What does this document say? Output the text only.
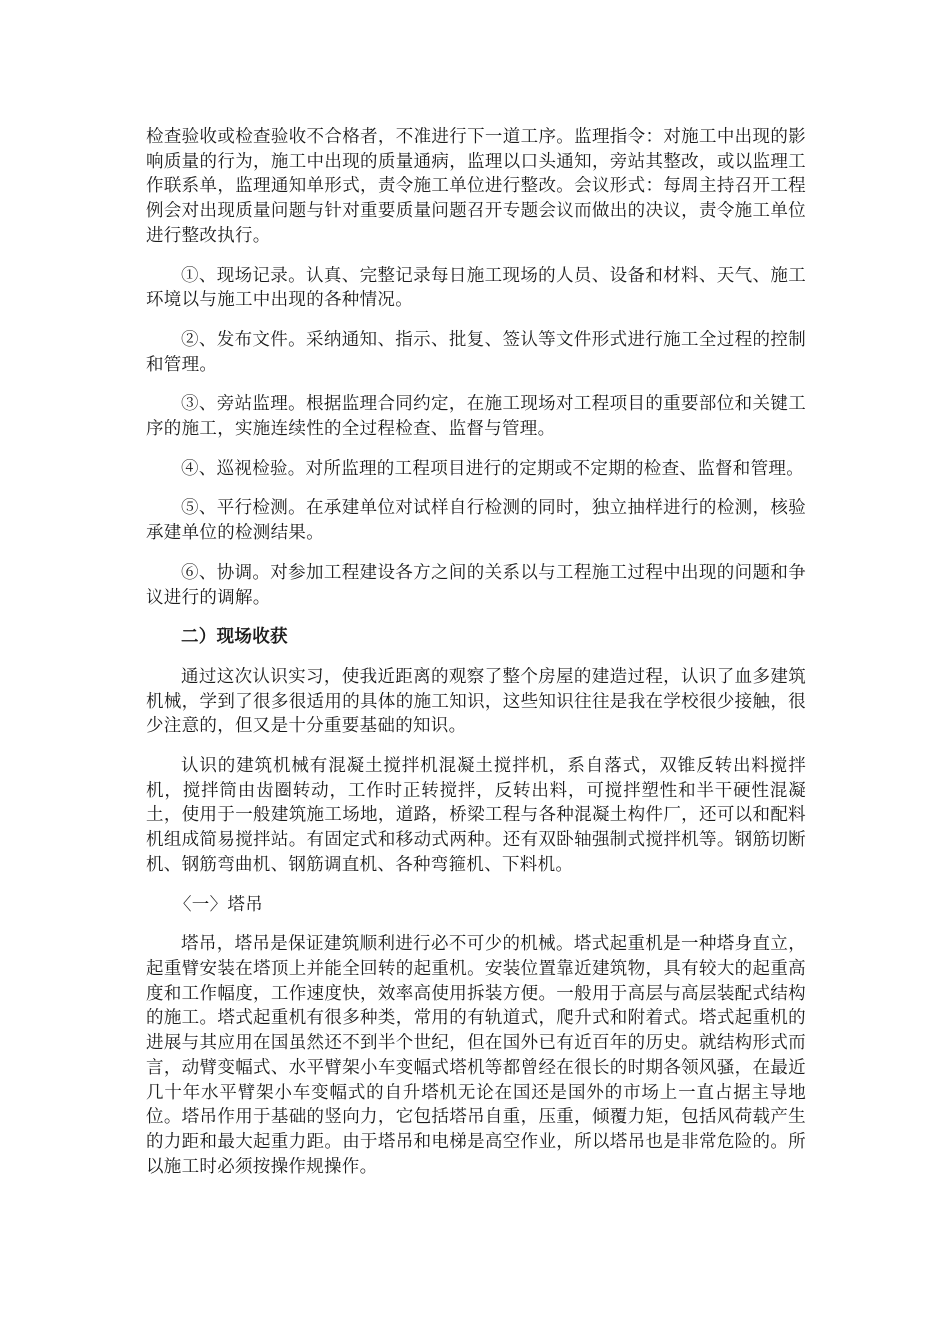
检查验收或检查验收不合格者，不准进行下一道工序。监理指令：对施工中出现的影响质量的行为，施工中出现的质量通病，监理以口头通知，旁站其整改，或以监理工作联系单，监理通知单形式，责令施工单位进行整改。会议形式：每周主持召开工程例会对出现质量问题与针对重要质量问题召开专题会议而做出的决议，责令施工单位进行整改执行。

①、现场记录。认真、完整记录每日施工现场的人员、设备和材料、天气、施工环境以与施工中出现的各种情况。

②、发布文件。采纳通知、指示、批复、签认等文件形式进行施工全过程的控制和管理。

③、旁站监理。根据监理合同约定，在施工现场对工程项目的重要部位和关键工序的施工，实施连续性的全过程检查、监督与管理。

④、巡视检验。对所监理的工程项目进行的定期或不定期的检查、监督和管理。

⑤、平行检测。在承建单位对试样自行检测的同时，独立抽样进行的检测，核验承建单位的检测结果。

⑥、协调。对参加工程建设各方之间的关系以与工程施工过程中出现的问题和争议进行的调解。

二）现场收获

通过这次认识实习，使我近距离的观察了整个房屋的建造过程，认识了血多建筑机械，学到了很多很适用的具体的施工知识，这些知识往往是我在学校很少接触，很少注意的，但又是十分重要基础的知识。

认识的建筑机械有混凝土搅拌机混凝土搅拌机，系自落式，双锥反转出料搅拌机，搅拌筒由齿圈转动，工作时正转搅拌，反转出料，可搅拌塑性和半干硬性混凝土，使用于一般建筑施工场地，道路，桥梁工程与各种混凝土构件厂，还可以和配料机组成简易搅拌站。有固定式和移动式两种。还有双卧轴强制式搅拌机等。钢筋切断机、钢筋弯曲机、钢筋调直机、各种弯箍机、下料机。

〈一〉塔吊

塔吊，塔吊是保证建筑顺利进行必不可少的机械。塔式起重机是一种塔身直立，起重臂安装在塔顶上并能全回转的起重机。安装位置靠近建筑物，具有较大的起重高度和工作幅度，工作速度快，效率高使用拆装方便。一般用于高层与高层装配式结构的施工。塔式起重机有很多种类，常用的有轨道式，爬升式和附着式。塔式起重机的进展与其应用在国虽然还不到半个世纪，但在国外已有近百年的历史。就结构形式而言，动臂变幅式、水平臂架小车变幅式塔机等都曾经在很长的时期各领风骚，在最近几十年水平臂架小车变幅式的自升塔机无论在国还是国外的市场上一直占据主导地位。塔吊作用于基础的竖向力，它包括塔吊自重，压重，倾覆力矩，包括风荷载产生的力距和最大起重力距。由于塔吊和电梯是高空作业，所以塔吊也是非常危险的。所以施工时必须按操作规操作。
